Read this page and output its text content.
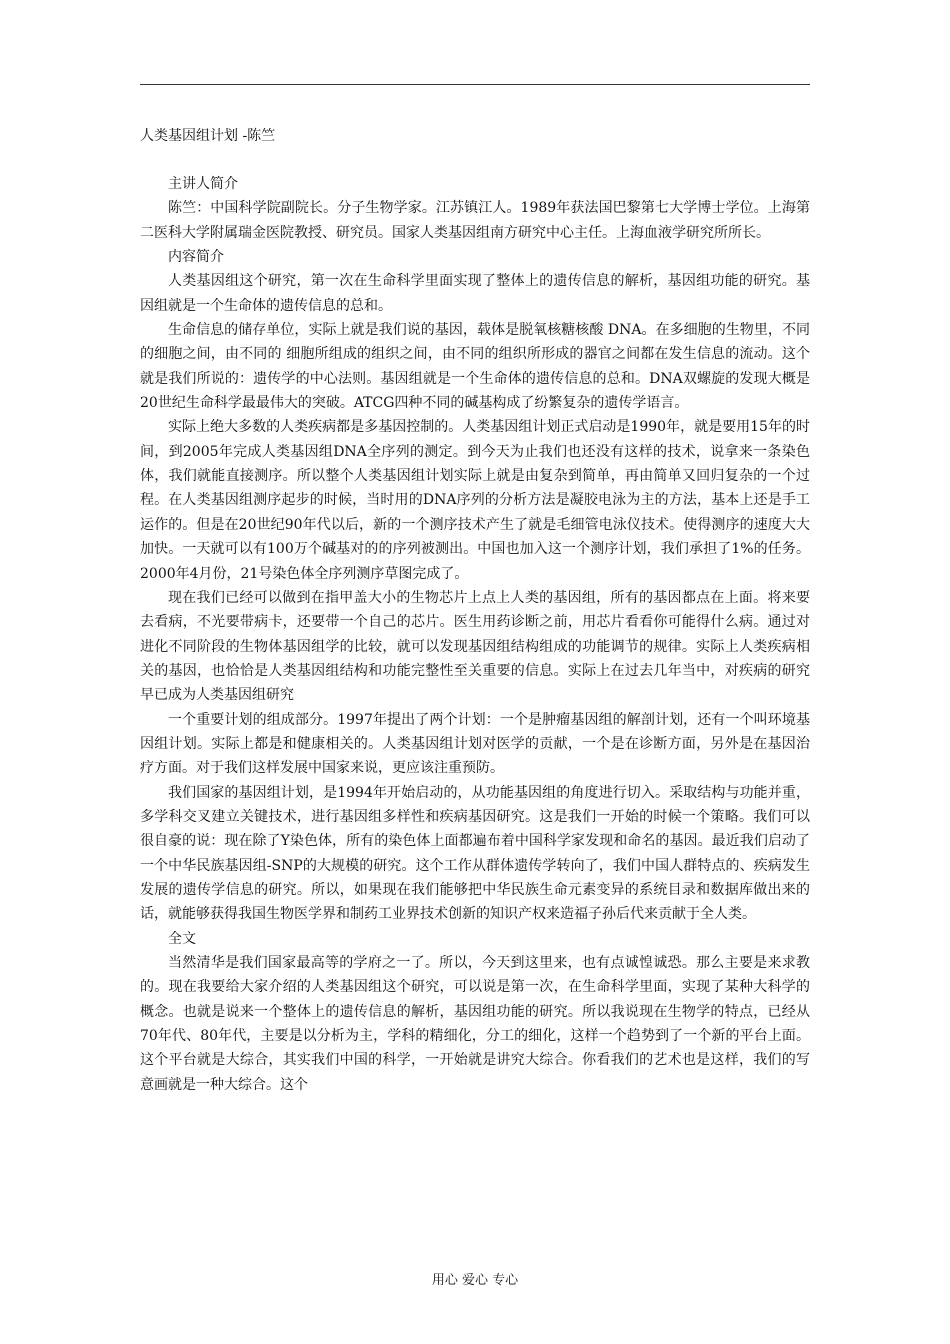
人类基因组计划 -陈竺

主讲人简介

陈竺：中国科学院副院长。分子生物学家。江苏镇江人。1989年获法国巴黎第七大学博士学位。上海第二医科大学附属瑞金医院教授、研究员。国家人类基因组南方研究中心主任。上海血液学研究所所长。

内容简介

人类基因组这个研究，第一次在生命科学里面实现了整体上的遗传信息的解析，基因组功能的研究。基因组就是一个生命体的遗传信息的总和。

生命信息的储存单位，实际上就是我们说的基因，载体是脱氧核糖核酸 DNA。在多细胞的生物里，不同的细胞之间，由不同的 细胞所组成的组织之间，由不同的组织所形成的器官之间都在发生信息的流动。这个就是我们所说的：遗传学的中心法则。基因组就是一个生命体的遗传信息的总和。DNA双螺旋的发现大概是20世纪生命科学最最伟大的突破。ATCG四种不同的碱基构成了纷繁复杂的遗传学语言。

实际上绝大多数的人类疾病都是多基因控制的。人类基因组计划正式启动是1990年，就是要用15年的时间，到2005年完成人类基因组DNA全序列的测定。到今天为止我们也还没有这样的技术，说拿来一条染色体，我们就能直接测序。所以整个人类基因组计划实际上就是由复杂到简单，再由简单又回归复杂的一个过程。在人类基因组测序起步的时候，当时用的DNA序列的分析方法是凝胶电泳为主的方法，基本上还是手工运作的。但是在20世纪90年代以后，新的一个测序技术产生了就是毛细管电泳仪技术。使得测序的速度大大加快。一天就可以有100万个碱基对的的序列被测出。中国也加入这一个测序计划，我们承担了1%的任务。2000年4月份，21号染色体全序列测序草图完成了。

现在我们已经可以做到在指甲盖大小的生物芯片上点上人类的基因组，所有的基因都点在上面。将来要去看病，不光要带病卡，还要带一个自己的芯片。医生用药诊断之前，用芯片看看你可能得什么病。通过对进化不同阶段的生物体基因组学的比较，就可以发现基因组结构组成的功能调节的规律。实际上人类疾病相关的基因，也恰恰是人类基因组结构和功能完整性至关重要的信息。实际上在过去几年当中，对疾病的研究早已成为人类基因组研究

一个重要计划的组成部分。1997年提出了两个计划：一个是肿瘤基因组的解剖计划，还有一个叫环境基因组计划。实际上都是和健康相关的。人类基因组计划对医学的贡献，一个是在诊断方面，另外是在基因治疗方面。对于我们这样发展中国家来说，更应该注重预防。

我们国家的基因组计划，是1994年开始启动的，从功能基因组的角度进行切入。采取结构与功能并重，多学科交叉建立关键技术，进行基因组多样性和疾病基因研究。这是我们一开始的时候一个策略。我们可以很自豪的说：现在除了Y染色体，所有的染色体上面都遍布着中国科学家发现和命名的基因。最近我们启动了一个中华民族基因组-SNP的大规模的研究。这个工作从群体遗传学转向了，我们中国人群特点的、疾病发生发展的遗传学信息的研究。所以，如果现在我们能够把中华民族生命元素变异的系统目录和数据库做出来的话，就能够获得我国生物医学界和制药工业界技术创新的知识产权来造福子孙后代来贡献于全人类。

全文

当然清华是我们国家最高等的学府之一了。所以，今天到这里来，也有点诚惶诚恐。那么主要是来求教的。现在我要给大家介绍的人类基因组这个研究，可以说是第一次，在生命科学里面，实现了某种大科学的概念。也就是说来一个整体上的遗传信息的解析，基因组功能的研究。所以我说现在生物学的特点，已经从70年代、80年代，主要是以分析为主，学科的精细化，分工的细化，这样一个趋势到了一个新的平台上面。这个平台就是大综合，其实我们中国的科学，一开始就是讲究大综合。你看我们的艺术也是这样，我们的写意画就是一种大综合。这个

用心 爱心 专心
